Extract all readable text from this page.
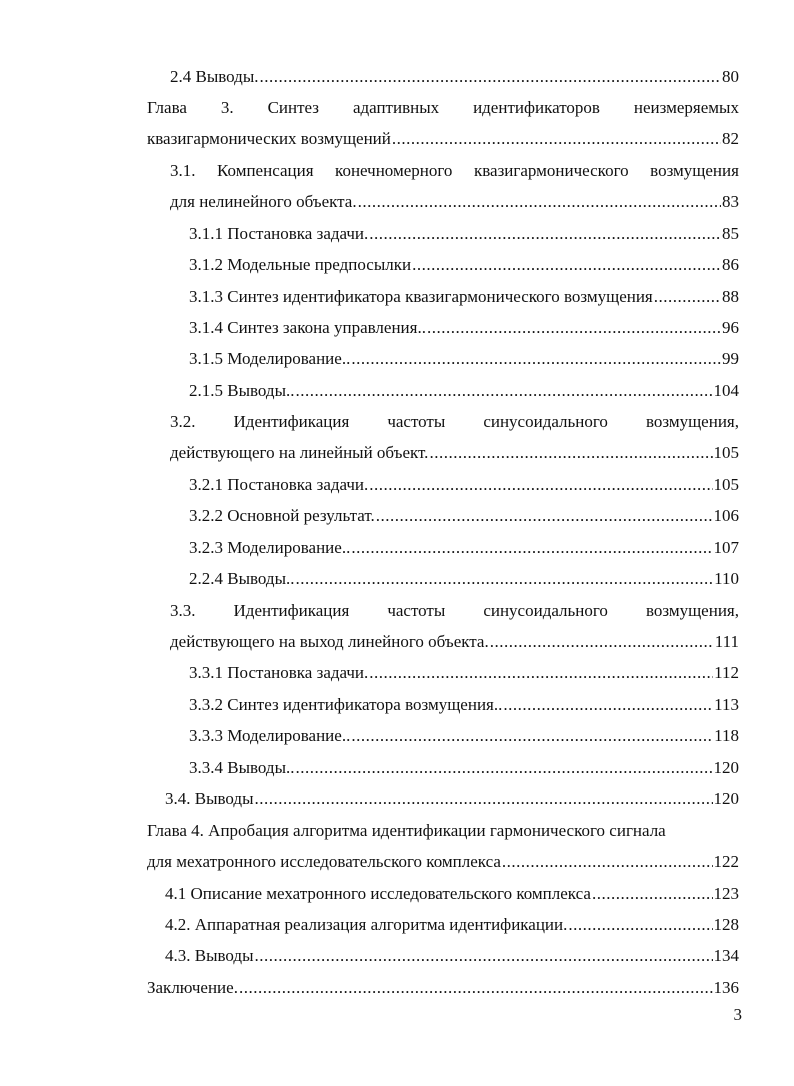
2.4 Выводы. .....	80
Глава 3. Синтез адаптивных идентификаторов неизмеряемых
квазигармонических возмущений .....	82
3.1. Компенсация конечномерного квазигармонического возмущения
для нелинейного объекта. .....	83
3.1.1 Постановка задачи. .....	85
3.1.2 Модельные предпосылки .....	86
3.1.3 Синтез идентификатора квазигармонического возмущения .....	88
3.1.4 Синтез закона управления.. .....	96
3.1.5 Моделирование.. .....	99
2.1.5 Выводы.. .....	104
3.2. Идентификация частоты синусоидального возмущения,
действующего на линейный объект. .....	105
3.2.1 Постановка задачи. .....	105
3.2.2 Основной результат. .....	106
3.2.3 Моделирование.. .....	107
2.2.4 Выводы.. .....	110
3.3. Идентификация частоты синусоидального возмущения,
действующего на выход линейного объекта. .....	111
3.3.1 Постановка задачи. .....	112
3.3.2 Синтез идентификатора возмущения.. .....	113
3.3.3 Моделирование.. .....	118
3.3.4 Выводы.. .....	120
3.4. Выводы .....	120
Глава 4. Апробация алгоритма идентификации гармонического сигнала
для мехатронного исследовательского комплекса .....	122
4.1 Описание мехатронного исследовательского комплекса .....	123
4.2. Аппаратная реализация алгоритма идентификации. .....	128
4.3. Выводы .....	134
Заключение. .....	136
3
